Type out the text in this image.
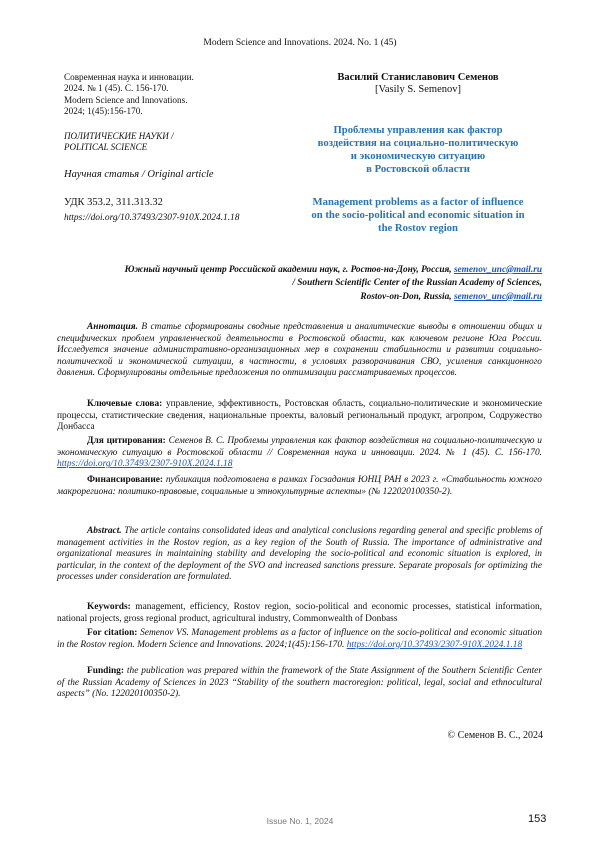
Modern Science and Innovations. 2024. No. 1 (45)
Современная наука и инновации.
2024. № 1 (45). С. 156-170.
Modern Science and Innovations.
2024; 1(45):156-170.
ПОЛИТИЧЕСКИЕ НАУКИ /
POLITICAL SCIENCE
Научная статья / Original article
УДК 353.2, 311.313.32
https://doi.org/10.37493/2307-910X.2024.1.18
Василий Станиславович Семенов
[Vasily S. Semenov]
Проблемы управления как фактор
воздействия на социально-политическую
и экономическую ситуацию
в Ростовской области
Management problems as a factor of influence
on the socio-political and economic situation in
the Rostov region
Южный научный центр Российской академии наук, г. Ростов-на-Дону, Россия, semenov_unc@mail.ru
/ Southern Scientific Center of the Russian Academy of Sciences,
Rostov-on-Don, Russia, semenov_unc@mail.ru
Аннотация. В статье сформированы сводные представления и аналитические выводы в отношении общих и специфических проблем управленческой деятельности в Ростовской области, как ключевом регионе Юга России. Исследуется значение административно-организационных мер в сохранении стабильности и развитии социально-политической и экономической ситуации, в частности, в условиях разворачивания СВО, усиления санкционного давления. Сформулированы отдельные предложения по оптимизации рассматриваемых процессов.
Ключевые слова: управление, эффективность, Ростовская область, социально-политические и экономические процессы, статистические сведения, национальные проекты, валовый региональный продукт, агропром, Содружество Донбасса
Для цитирования: Семенов В. С. Проблемы управления как фактор воздействия на социально-политическую и экономическую ситуацию в Ростовской области // Современная наука и инновации. 2024. № 1 (45). С. 156-170. https://doi.org/10.37493/2307-910X.2024.1.18
Финансирование: публикация подготовлена в рамках Госзадания ЮНЦ РАН в 2023 г. «Стабильность южного макрорегиона: политико-правовые, социальные и этнокультурные аспекты» (№ 122020100350-2).
Abstract. The article contains consolidated ideas and analytical conclusions regarding general and specific problems of management activities in the Rostov region, as a key region of the South of Russia. The importance of administrative and organizational measures in maintaining stability and developing the socio-political and economic situation is explored, in particular, in the context of the deployment of the SVO and increased sanctions pressure. Separate proposals for optimizing the processes under consideration are formulated.
Keywords: management, efficiency, Rostov region, socio-political and economic processes, statistical information, national projects, gross regional product, agricultural industry, Commonwealth of Donbass
For citation: Semenov VS. Management problems as a factor of influence on the socio-political and economic situation in the Rostov region. Modern Science and Innovations. 2024;1(45):156-170. https://doi.org/10.37493/2307-910X.2024.1.18
Funding: the publication was prepared within the framework of the State Assignment of the Southern Scientific Center of the Russian Academy of Sciences in 2023 “Stability of the southern macroregion: political, legal, social and ethnocultural aspects” (No. 122020100350-2).
© Семенов В. С., 2024
Issue No. 1, 2024	153
